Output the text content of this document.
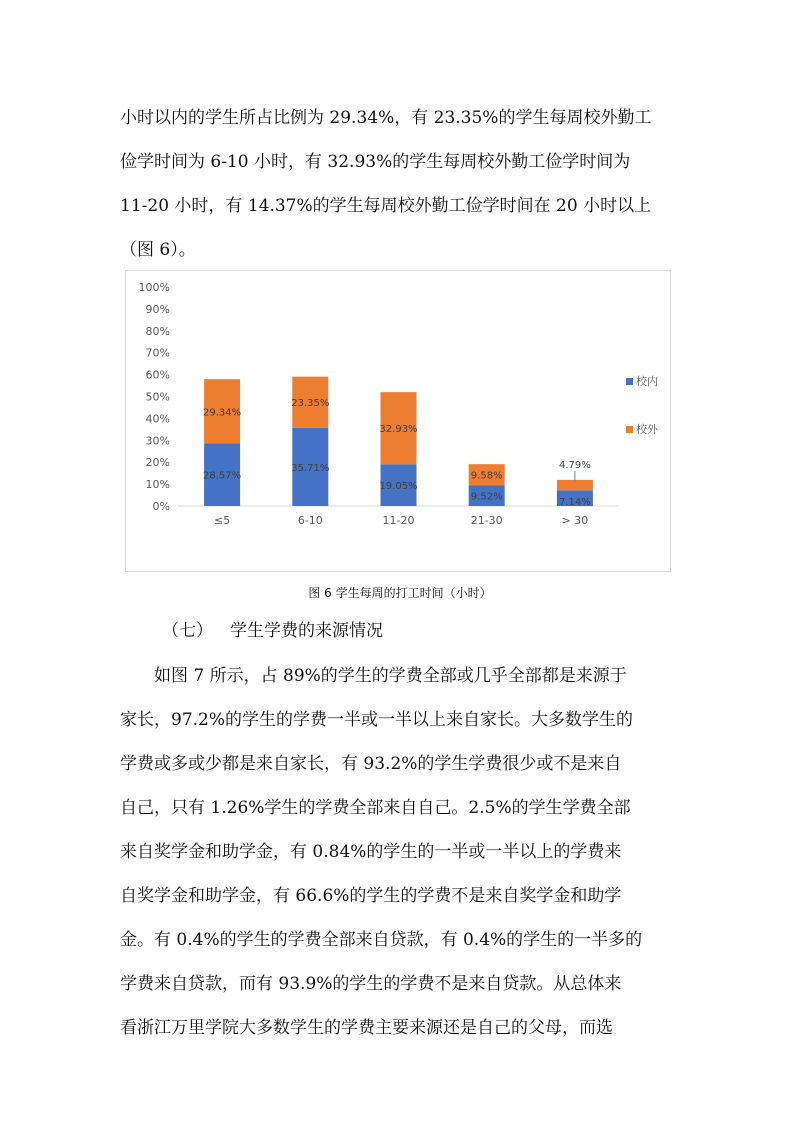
小时以内的学生所占比例为 29.34%，有 23.35%的学生每周校外勤工
俭学时间为 6-10 小时，有 32.93%的学生每周校外勤工俭学时间为
11-20 小时，有 14.37%的学生每周校外勤工俭学时间在 20 小时以上
（图 6）。
0%
10%
20%
30%
40%
50%
60%
70%
80%
90%
100%
28.57%
29.34%
≤5
35.71%
23.35%
6-10
19.05%
32.93%
11-20
9.52%
9.58%
21-30
7.14%
4.79%
> 30
校内
校外
图 6 学生每周的打工时间（小时）
（七） 学生学费的来源情况
如图 7 所示，占 89%的学生的学费全部或几乎全部都是来源于
家长，97.2%的学生的学费一半或一半以上来自家长。大多数学生的
学费或多或少都是来自家长，有 93.2%的学生学费很少或不是来自
自己，只有 1.26%学生的学费全部来自自己。2.5%的学生学费全部
来自奖学金和助学金，有 0.84%的学生的一半或一半以上的学费来
自奖学金和助学金，有 66.6%的学生的学费不是来自奖学金和助学
金。有 0.4%的学生的学费全部来自贷款，有 0.4%的学生的一半多的
学费来自贷款，而有 93.9%的学生的学费不是来自贷款。从总体来
看浙江万里学院大多数学生的学费主要来源还是自己的父母，而选
